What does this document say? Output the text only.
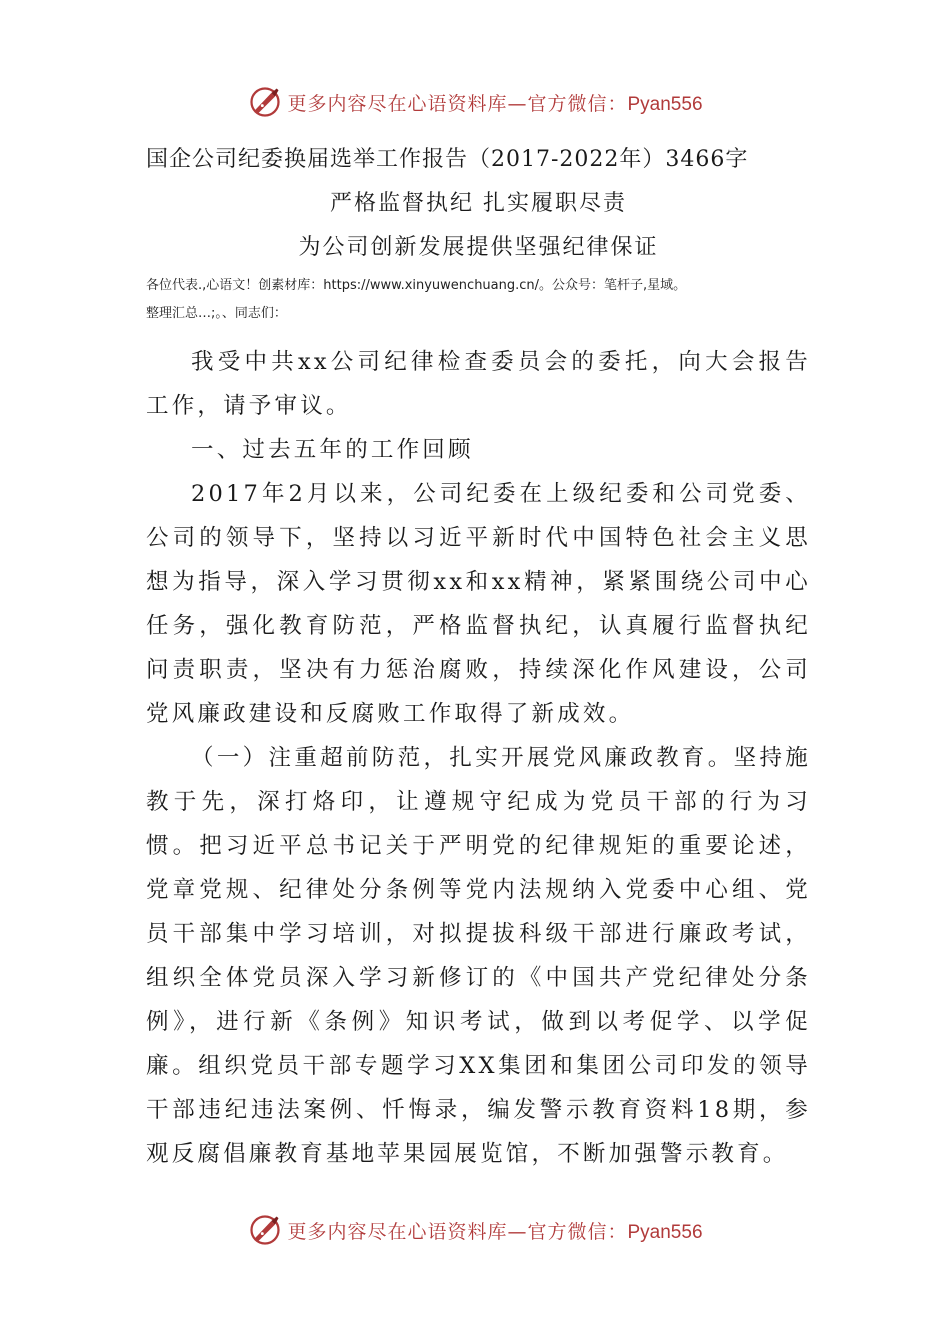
更多内容尽在心语资料库—官方微信：Pyan556
国企公司纪委换届选举工作报告（2017-2022年）3466字
严格监督执纪 扎实履职尽责
为公司创新发展提供坚强纪律保证
各位代表.,心语文！创素材库：https://www.xinyuwenchuang.cn/。公众号：笔杆子,星域。
整理汇总…;。、同志们：

我受中共xx公司纪律检查委员会的委托，向大会报告工作，请予审议。

一、过去五年的工作回顾

2017年2月以来，公司纪委在上级纪委和公司党委、公司的领导下，坚持以习近平新时代中国特色社会主义思想为指导，深入学习贯彻xx和xx精神，紧紧围绕公司中心任务，强化教育防范，严格监督执纪，认真履行监督执纪问责职责，坚决有力惩治腐败，持续深化作风建设，公司党风廉政建设和反腐败工作取得了新成效。

（一）注重超前防范，扎实开展党风廉政教育。坚持施教于先，深打烙印，让遵规守纪成为党员干部的行为习惯。把习近平总书记关于严明党的纪律规矩的重要论述，党章党规、纪律处分条例等党内法规纳入党委中心组、党员干部集中学习培训，对拟提拔科级干部进行廉政考试，组织全体党员深入学习新修订的《中国共产党纪律处分条例》，进行新《条例》知识考试，做到以考促学、以学促廉。组织党员干部专题学习XX集团和集团公司印发的领导干部违纪违法案例、忏悔录，编发警示教育资料18期，参观反腐倡廉教育基地苹果园展览馆，不断加强警示教育。

更多内容尽在心语资料库—官方微信：Pyan556
